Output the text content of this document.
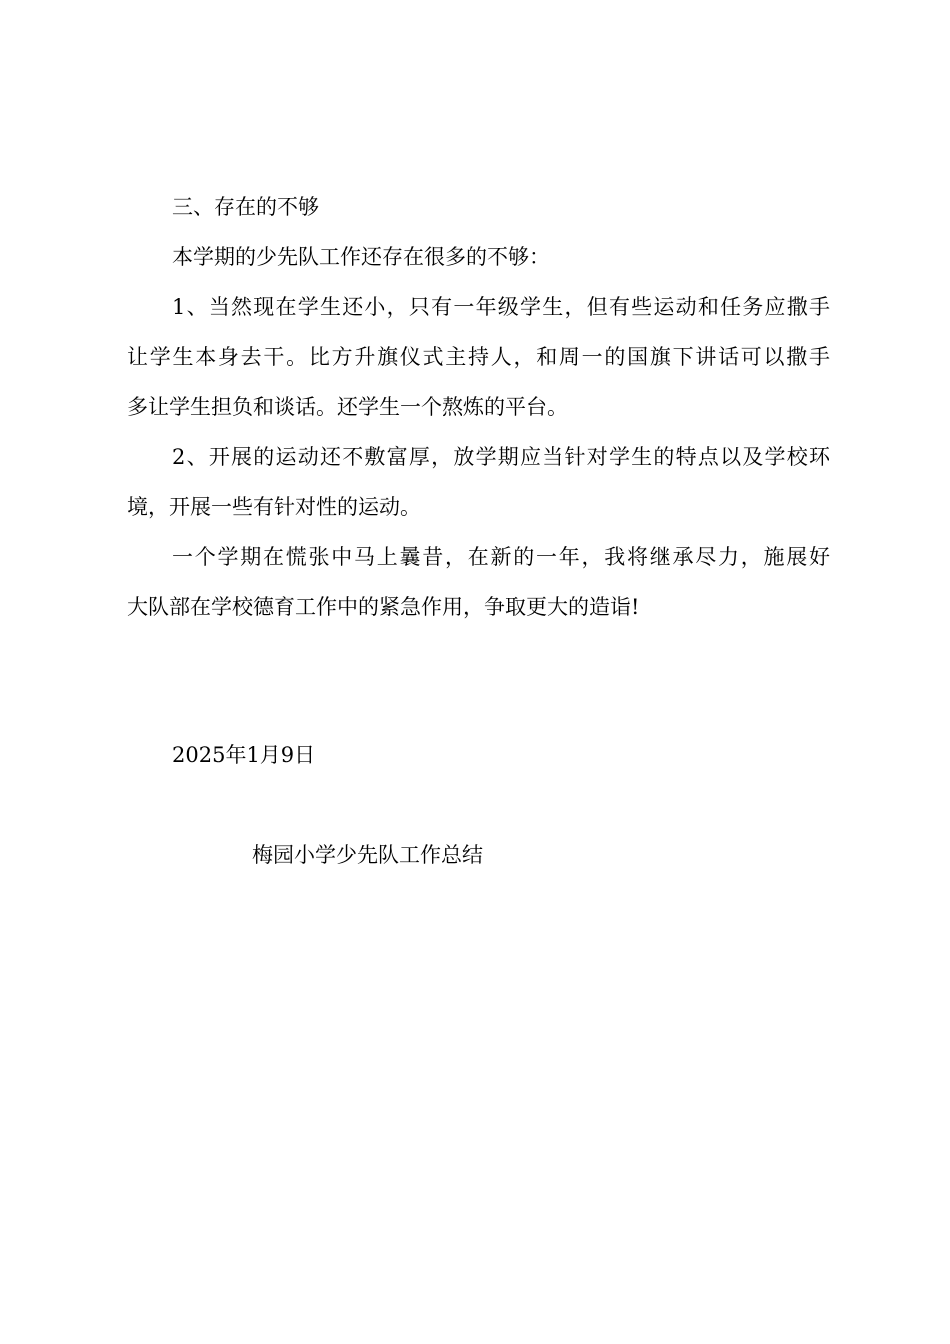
三、存在的不够
本学期的少先队工作还存在很多的不够：
1、当然现在学生还小，只有一年级学生，但有些运动和任务应撒手
让学生本身去干。比方升旗仪式主持人，和周一的国旗下讲话可以撒手
多让学生担负和谈话。还学生一个熬炼的平台。
2、开展的运动还不敷富厚，放学期应当针对学生的特点以及学校环
境，开展一些有针对性的运动。
一个学期在慌张中马上曩昔，在新的一年，我将继承尽力，施展好
大队部在学校德育工作中的紧急作用，争取更大的造诣!
2025年1月9日
梅园小学少先队工作总结
